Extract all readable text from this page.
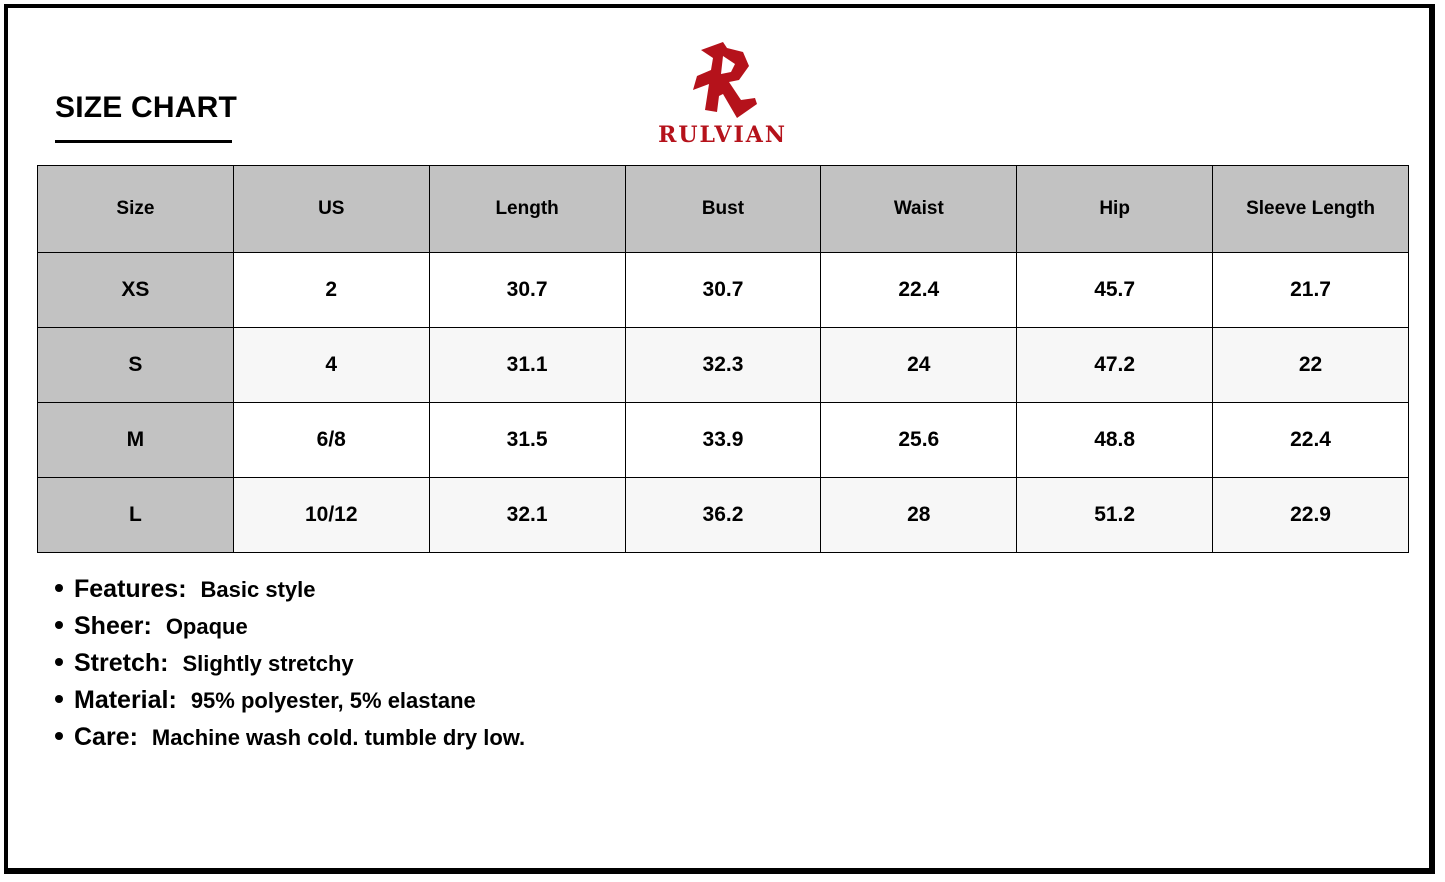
SIZE CHART
RULVIAN
Size	US	Length	Bust	Waist	Hip	Sleeve Length
XS	2	30.7	30.7	22.4	45.7	21.7
S	4	31.1	32.3	24	47.2	22
M	6/8	31.5	33.9	25.6	48.8	22.4
L	10/12	32.1	36.2	28	51.2	22.9
Features: Basic style
Sheer: Opaque
Stretch: Slightly stretchy
Material: 95% polyester, 5% elastane
Care: Machine wash cold. tumble dry low.
